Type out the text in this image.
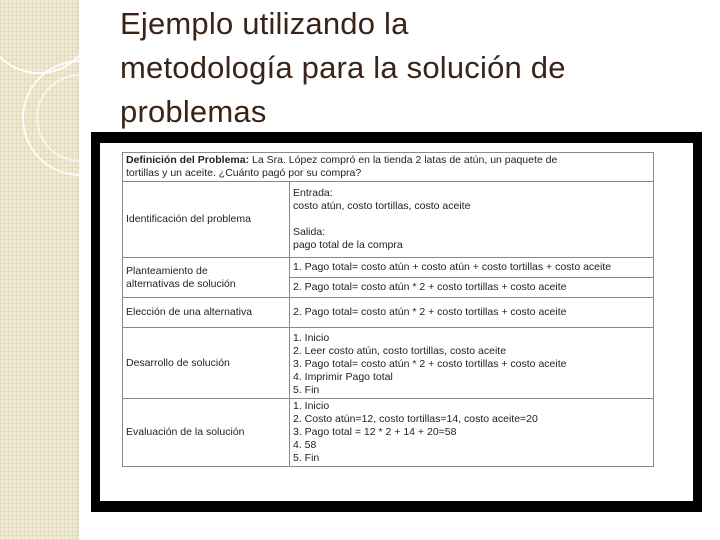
Ejemplo utilizando la
metodología para la solución de
problemas
Definición del Problema: La Sra. López compró en la tienda 2 latas de atún, un paquete de
tortillas y un aceite. ¿Cuánto pagó por su compra?	

Identificación del problema	Entrada:
costo atún, costo tortillas, costo aceite
Salida:
pago total de la compra

Planteamiento de
alternativas de solución	1. Pago total= costo atún + costo atún + costo tortillas + costo aceite
	2. Pago total= costo atún * 2 + costo tortillas + costo aceite
Elección de una alternativa	2. Pago total= costo atún * 2 + costo tortillas + costo aceite
Desarrollo de solución	1. Inicio
2. Leer costo atún, costo tortillas, costo aceite
3. Pago total= costo atún * 2 + costo tortillas + costo aceite
4. Imprimir Pago total
5. Fin

Evaluación de la solución	1. Inicio
2. Costo atún=12, costo tortillas=14, costo aceite=20
3. Pago total = 12 * 2 + 14 + 20=58
4. 58
5. Fin
